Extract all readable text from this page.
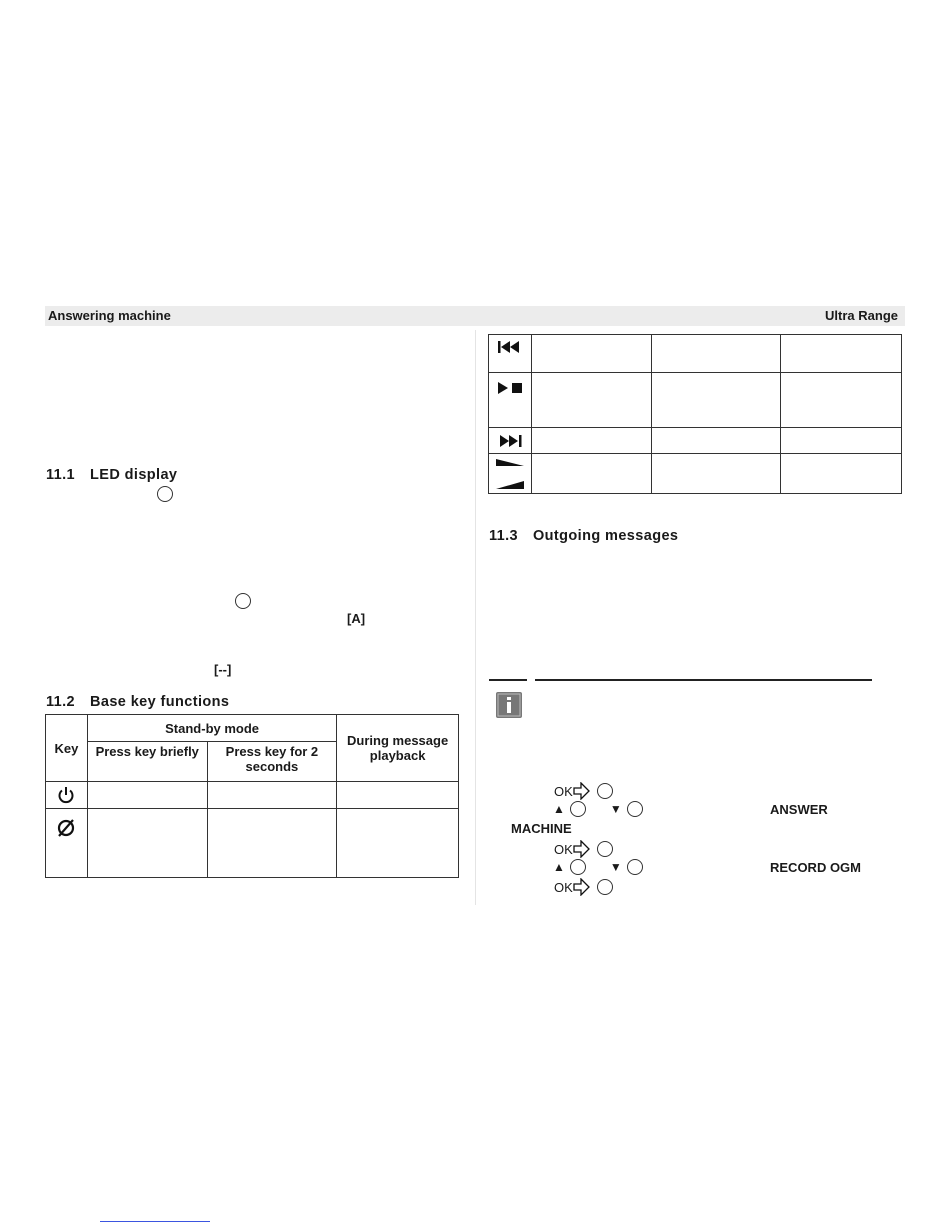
Answering machine	Ultra Range
11.1 LED display
[A]
[--]
11.2 Base key functions
Key	Stand-by mode		During message playback
	Press key briefly	Press key for 2 seconds	

11.3 Outgoing messages
OK
▲	▼	ANSWER
MACHINE
OK
▲	▼	RECORD OGM
OK
